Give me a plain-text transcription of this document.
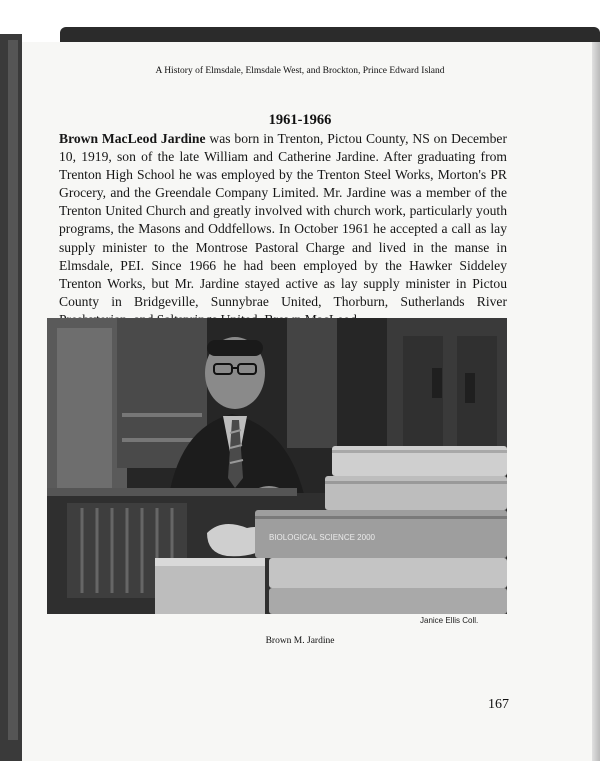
A History of Elmsdale, Elmsdale West, and Brockton, Prince Edward Island
1961-1966
Brown MacLeod Jardine was born in Trenton, Pictou County, NS on December 10, 1919, son of the late William and Catherine Jardine. After graduating from Trenton High School he was employed by the Trenton Steel Works, Morton's PR Grocery, and the Greendale Company Limited. Mr. Jardine was a member of the Trenton United Church and greatly involved with church work, particularly youth programs, the Masons and Oddfellows. In October 1961 he accepted a call as lay supply minister to the Montrose Pastoral Charge and lived in the manse in Elmsdale, PEI. Since 1966 he had been employed by the Hawker Siddeley Trenton Works, but Mr. Jardine stayed active as lay supply minister in Pictou County in Bridgeville, Sunnybrae United, Thorburn, Sutherlands River
BIOLOGICAL SCIENCE 2000
Janice Ellis Coll.
Brown M. Jardine
167
